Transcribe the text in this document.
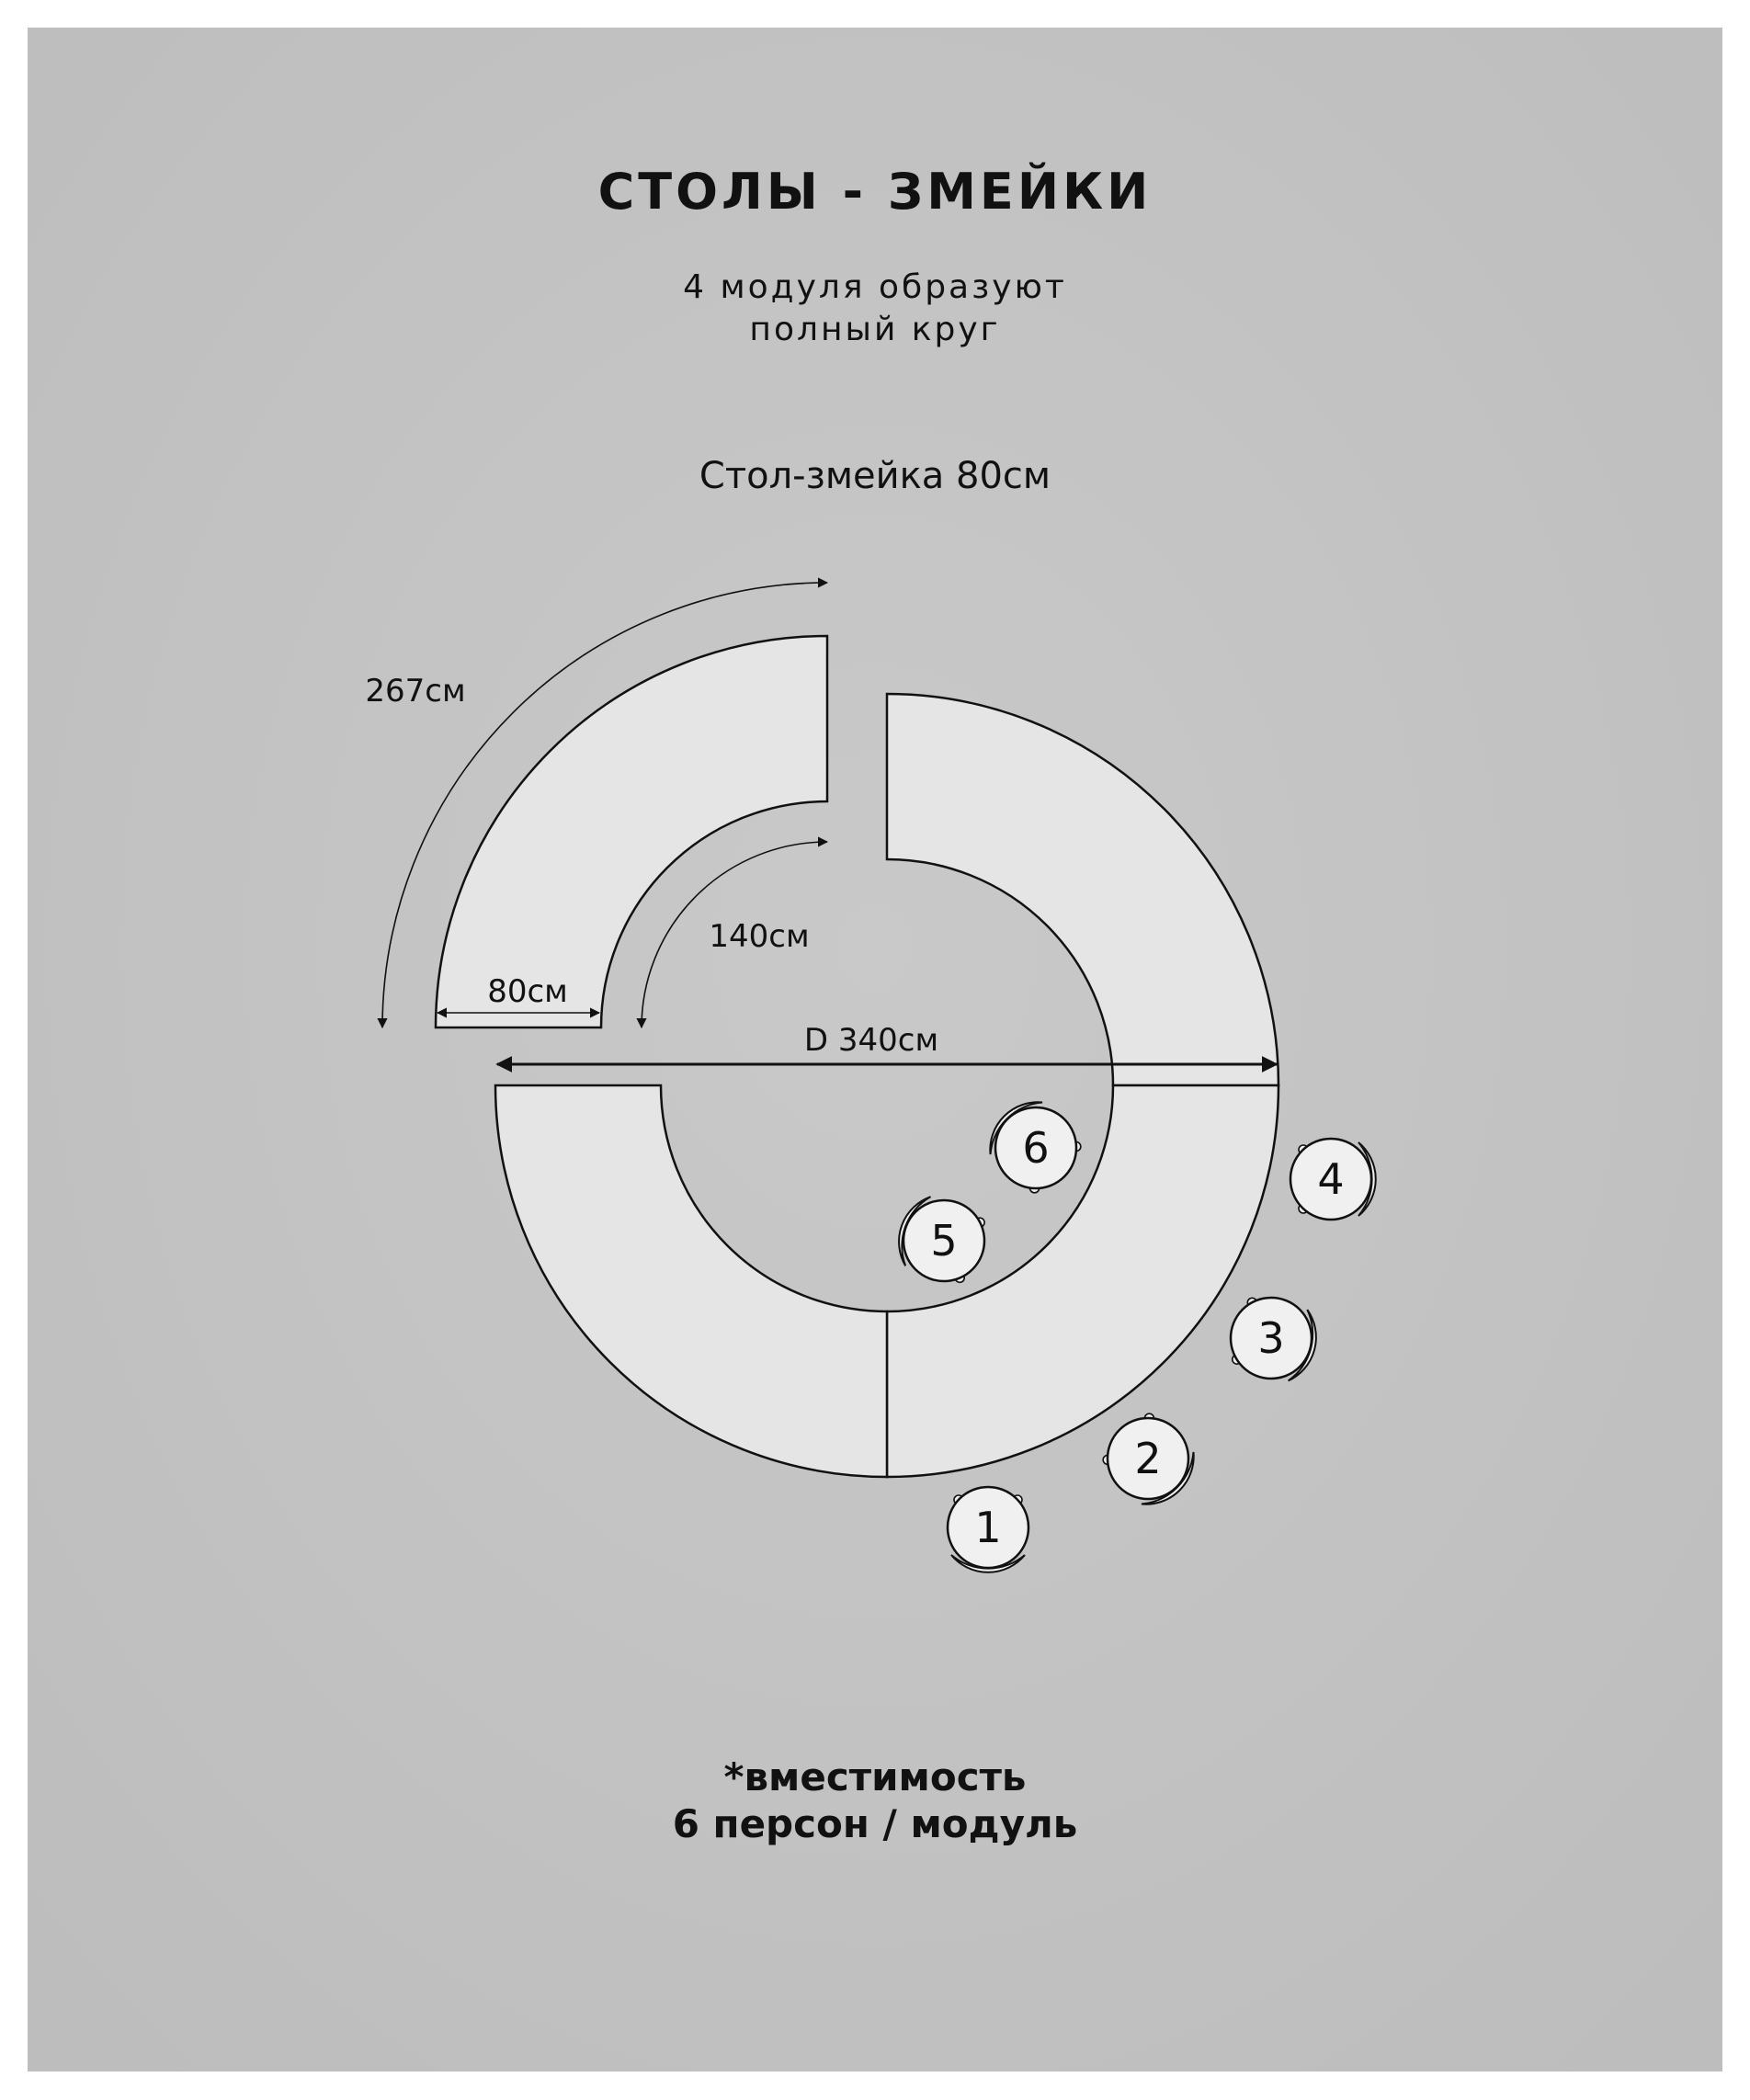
СТОЛЫ - ЗМЕЙКИ
4 модуля образуют
полный круг
Стол-змейка 80см
267см
140см
80см
D 340см
1
2
3
4
5
6
*вместимость
6 персон / модуль
